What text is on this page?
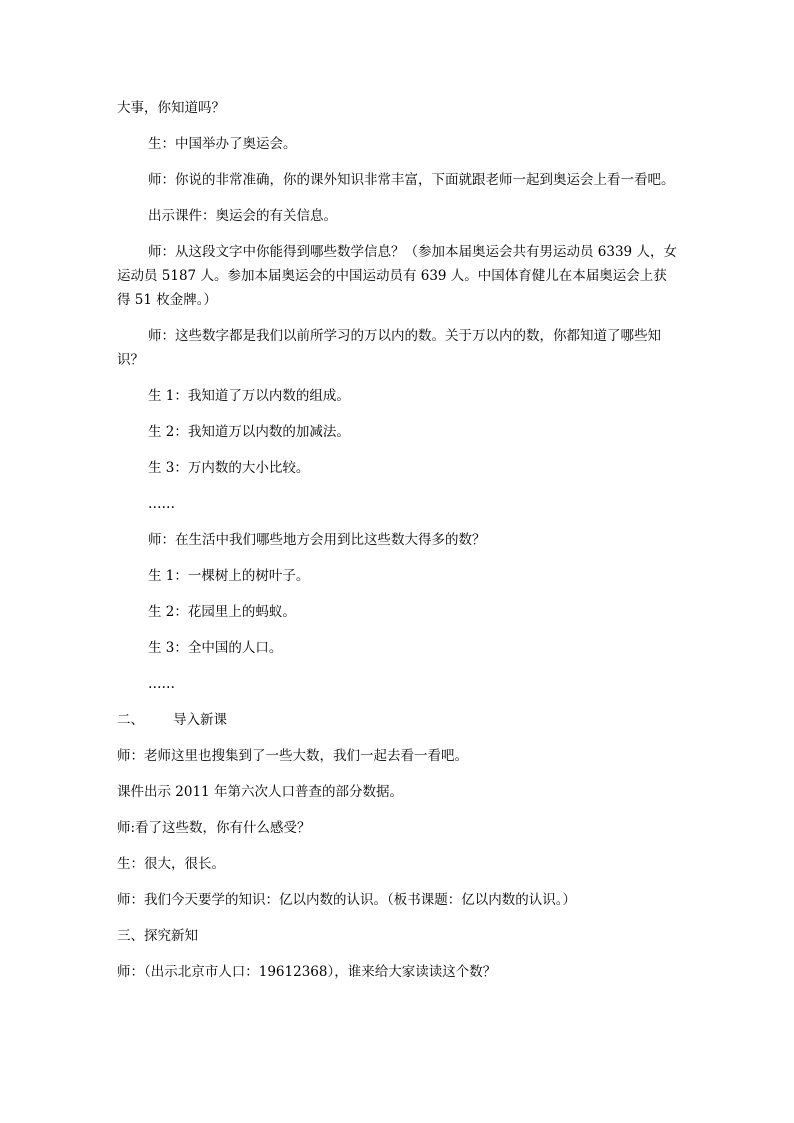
大事，你知道吗？

生：中国举办了奥运会。

师：你说的非常准确，你的课外知识非常丰富，下面就跟老师一起到奥运会上看一看吧。

出示课件：奥运会的有关信息。

师：从这段文字中你能得到哪些数学信息？（参加本届奥运会共有男运动员 6339 人，女运动员 5187 人。参加本届奥运会的中国运动员有 639 人。中国体育健儿在本届奥运会上获得 51 枚金牌。）

师：这些数字都是我们以前所学习的万以内的数。关于万以内的数，你都知道了哪些知识？

生 1：我知道了万以内数的组成。

生 2：我知道万以内数的加减法。

生 3：万内数的大小比较。

……

师：在生活中我们哪些地方会用到比这些数大得多的数？

生 1：一棵树上的树叶子。

生 2：花园里上的蚂蚁。

生 3：全中国的人口。

……

二、	导入新课

师：老师这里也搜集到了一些大数，我们一起去看一看吧。

课件出示 2011 年第六次人口普查的部分数据。

师:看了这些数，你有什么感受？

生：很大，很长。

师：我们今天要学的知识：亿以内数的认识。（板书课题：亿以内数的认识。）

三、探究新知

师：（出示北京市人口：19612368），谁来给大家读读这个数？
